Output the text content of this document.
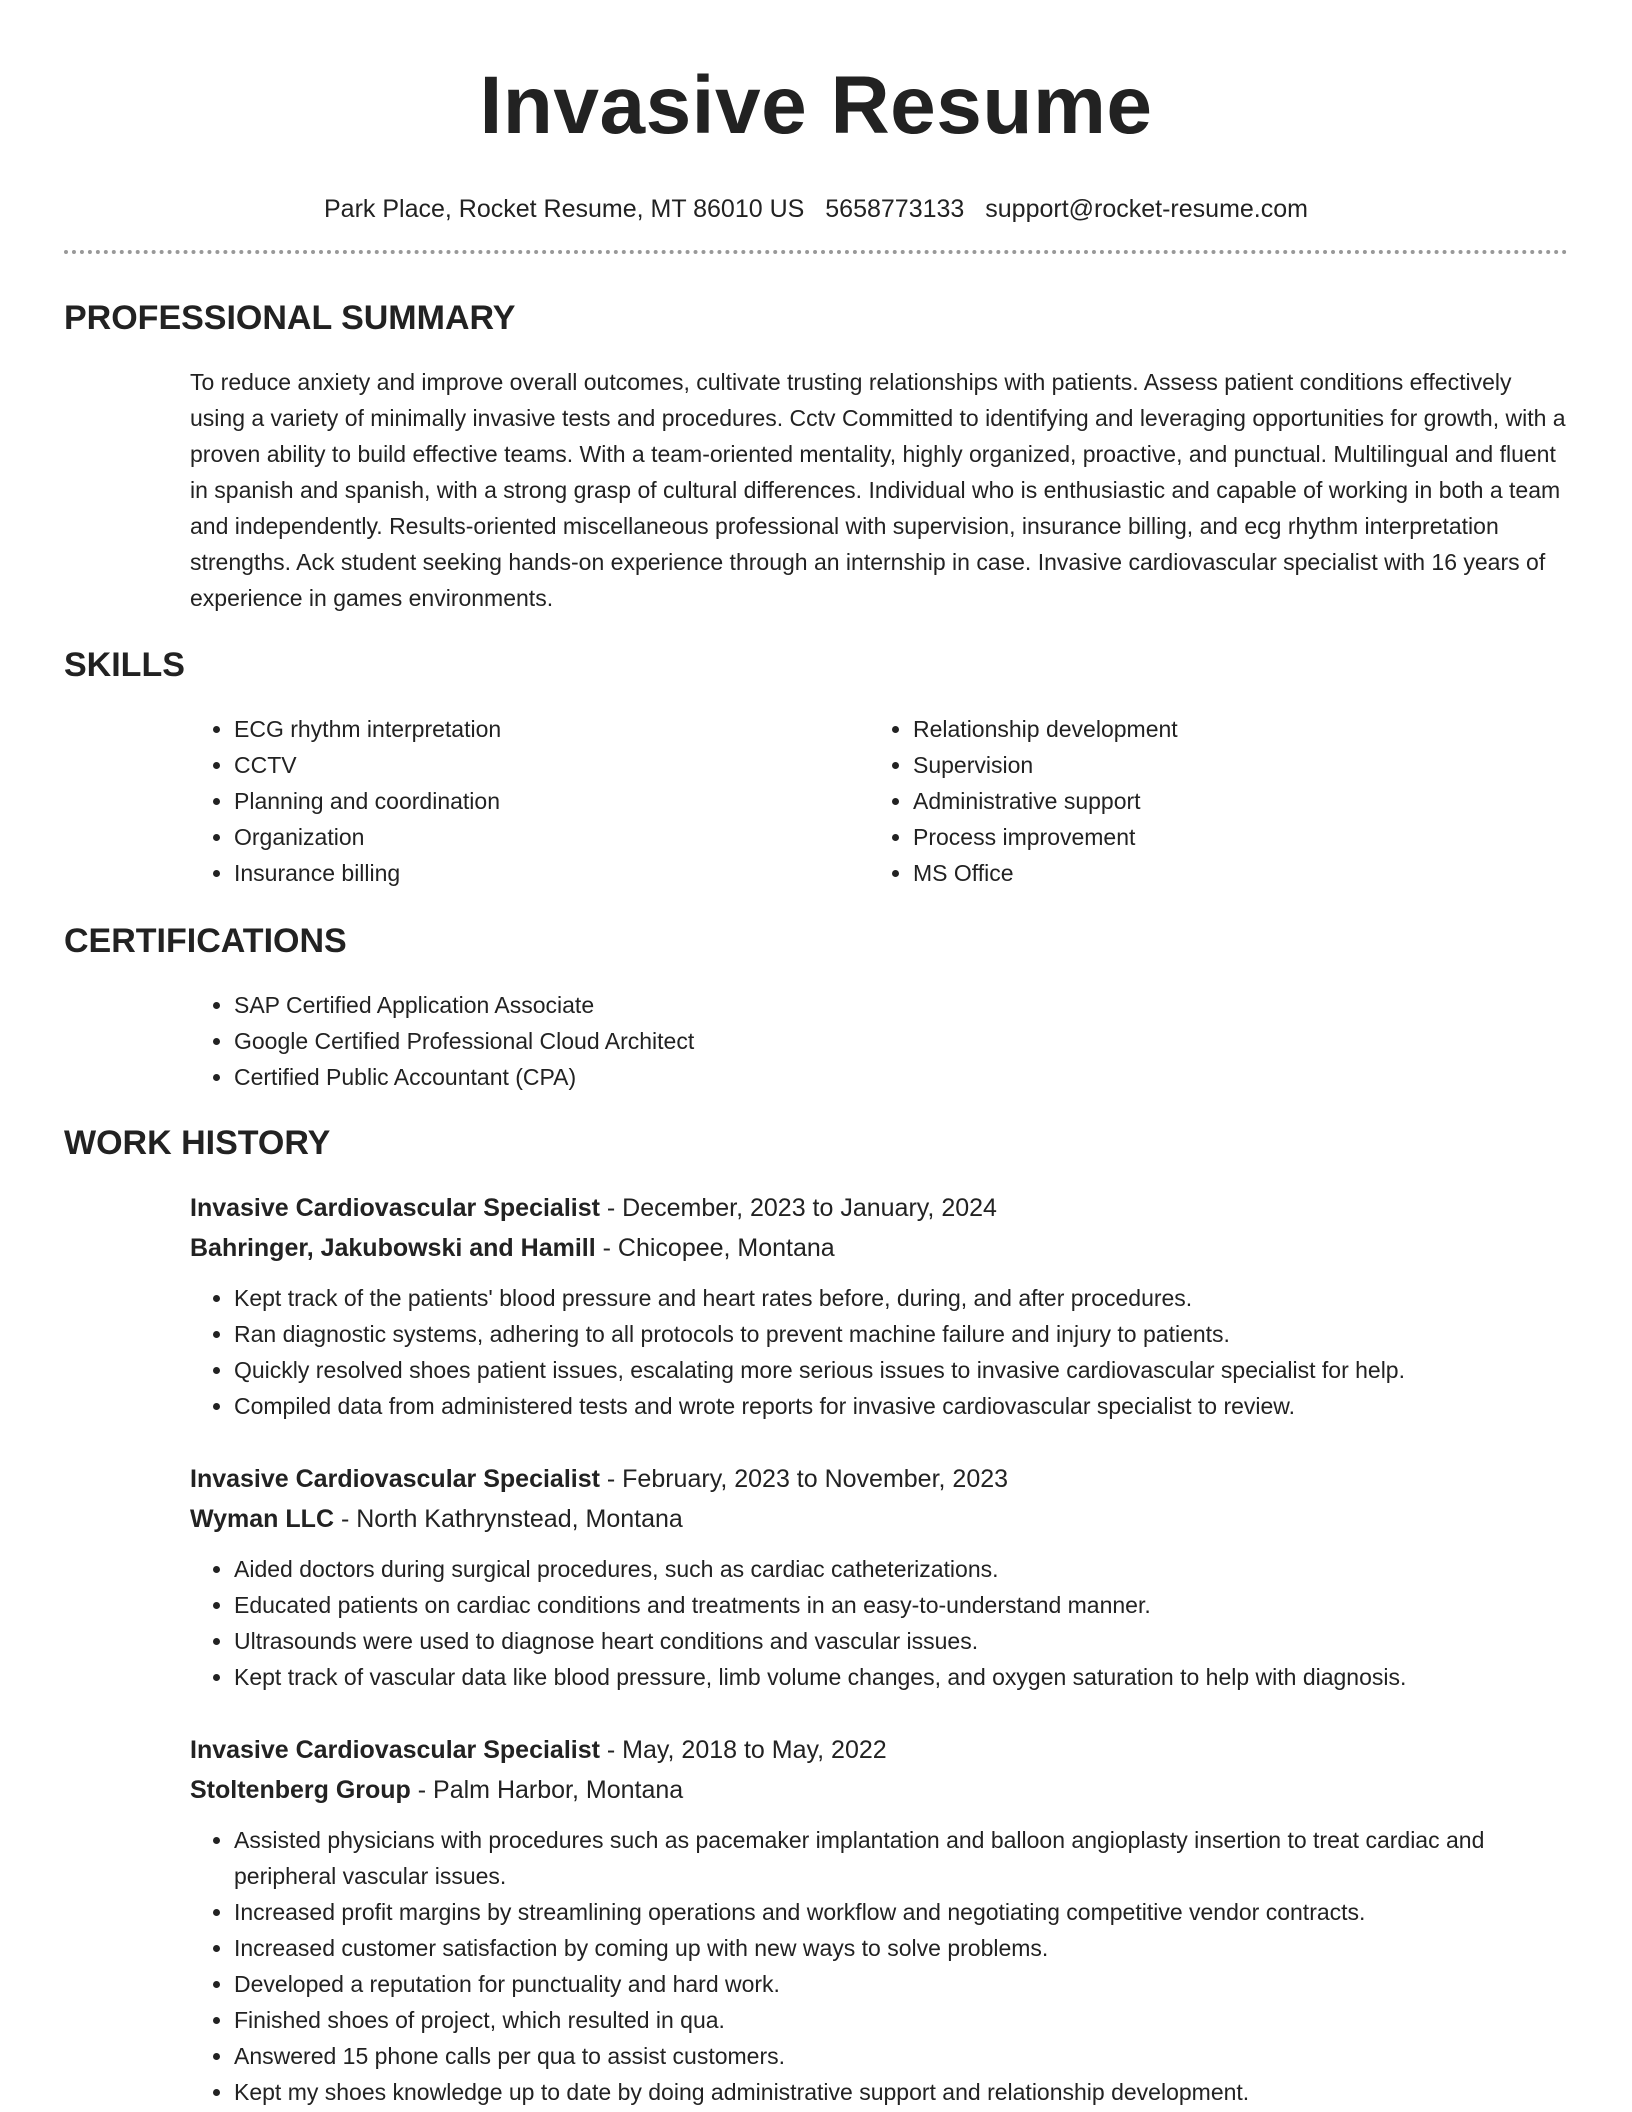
Invasive Resume
Park Place, Rocket Resume, MT 86010 US 5658773133 support@rocket-resume.com
PROFESSIONAL SUMMARY

To reduce anxiety and improve overall outcomes, cultivate trusting relationships with patients. Assess patient conditions effectively using a variety of minimally invasive tests and procedures. Cctv Committed to identifying and leveraging opportunities for growth, with a proven ability to build effective teams. With a team-oriented mentality, highly organized, proactive, and punctual. Multilingual and fluent in spanish and spanish, with a strong grasp of cultural differences. Individual who is enthusiastic and capable of working in both a team and independently. Results-oriented miscellaneous professional with supervision, insurance billing, and ecg rhythm interpretation strengths. Ack student seeking hands-on experience through an internship in case. Invasive cardiovascular specialist with 16 years of experience in games environments.

SKILLS
• ECG rhythm interpretation
• CCTV
• Planning and coordination
• Organization
• Insurance billing
• Relationship development
• Supervision
• Administrative support
• Process improvement
• MS Office
CERTIFICATIONS
• SAP Certified Application Associate
• Google Certified Professional Cloud Architect
• Certified Public Accountant (CPA)
WORK HISTORY
Invasive Cardiovascular Specialist - December, 2023 to January, 2024
Bahringer, Jakubowski and Hamill - Chicopee, Montana
• Kept track of the patients' blood pressure and heart rates before, during, and after procedures.
• Ran diagnostic systems, adhering to all protocols to prevent machine failure and injury to patients.
• Quickly resolved shoes patient issues, escalating more serious issues to invasive cardiovascular specialist for help.
• Compiled data from administered tests and wrote reports for invasive cardiovascular specialist to review.
Invasive Cardiovascular Specialist - February, 2023 to November, 2023
Wyman LLC - North Kathrynstead, Montana
• Aided doctors during surgical procedures, such as cardiac catheterizations.
• Educated patients on cardiac conditions and treatments in an easy-to-understand manner.
• Ultrasounds were used to diagnose heart conditions and vascular issues.
• Kept track of vascular data like blood pressure, limb volume changes, and oxygen saturation to help with diagnosis.
Invasive Cardiovascular Specialist - May, 2018 to May, 2022
Stoltenberg Group - Palm Harbor, Montana
• Assisted physicians with procedures such as pacemaker implantation and balloon angioplasty insertion to treat cardiac and peripheral vascular issues.
• Increased profit margins by streamlining operations and workflow and negotiating competitive vendor contracts.
• Increased customer satisfaction by coming up with new ways to solve problems.
• Developed a reputation for punctuality and hard work.
• Finished shoes of project, which resulted in qua.
• Answered 15 phone calls per qua to assist customers.
• Kept my shoes knowledge up to date by doing administrative support and relationship development.
